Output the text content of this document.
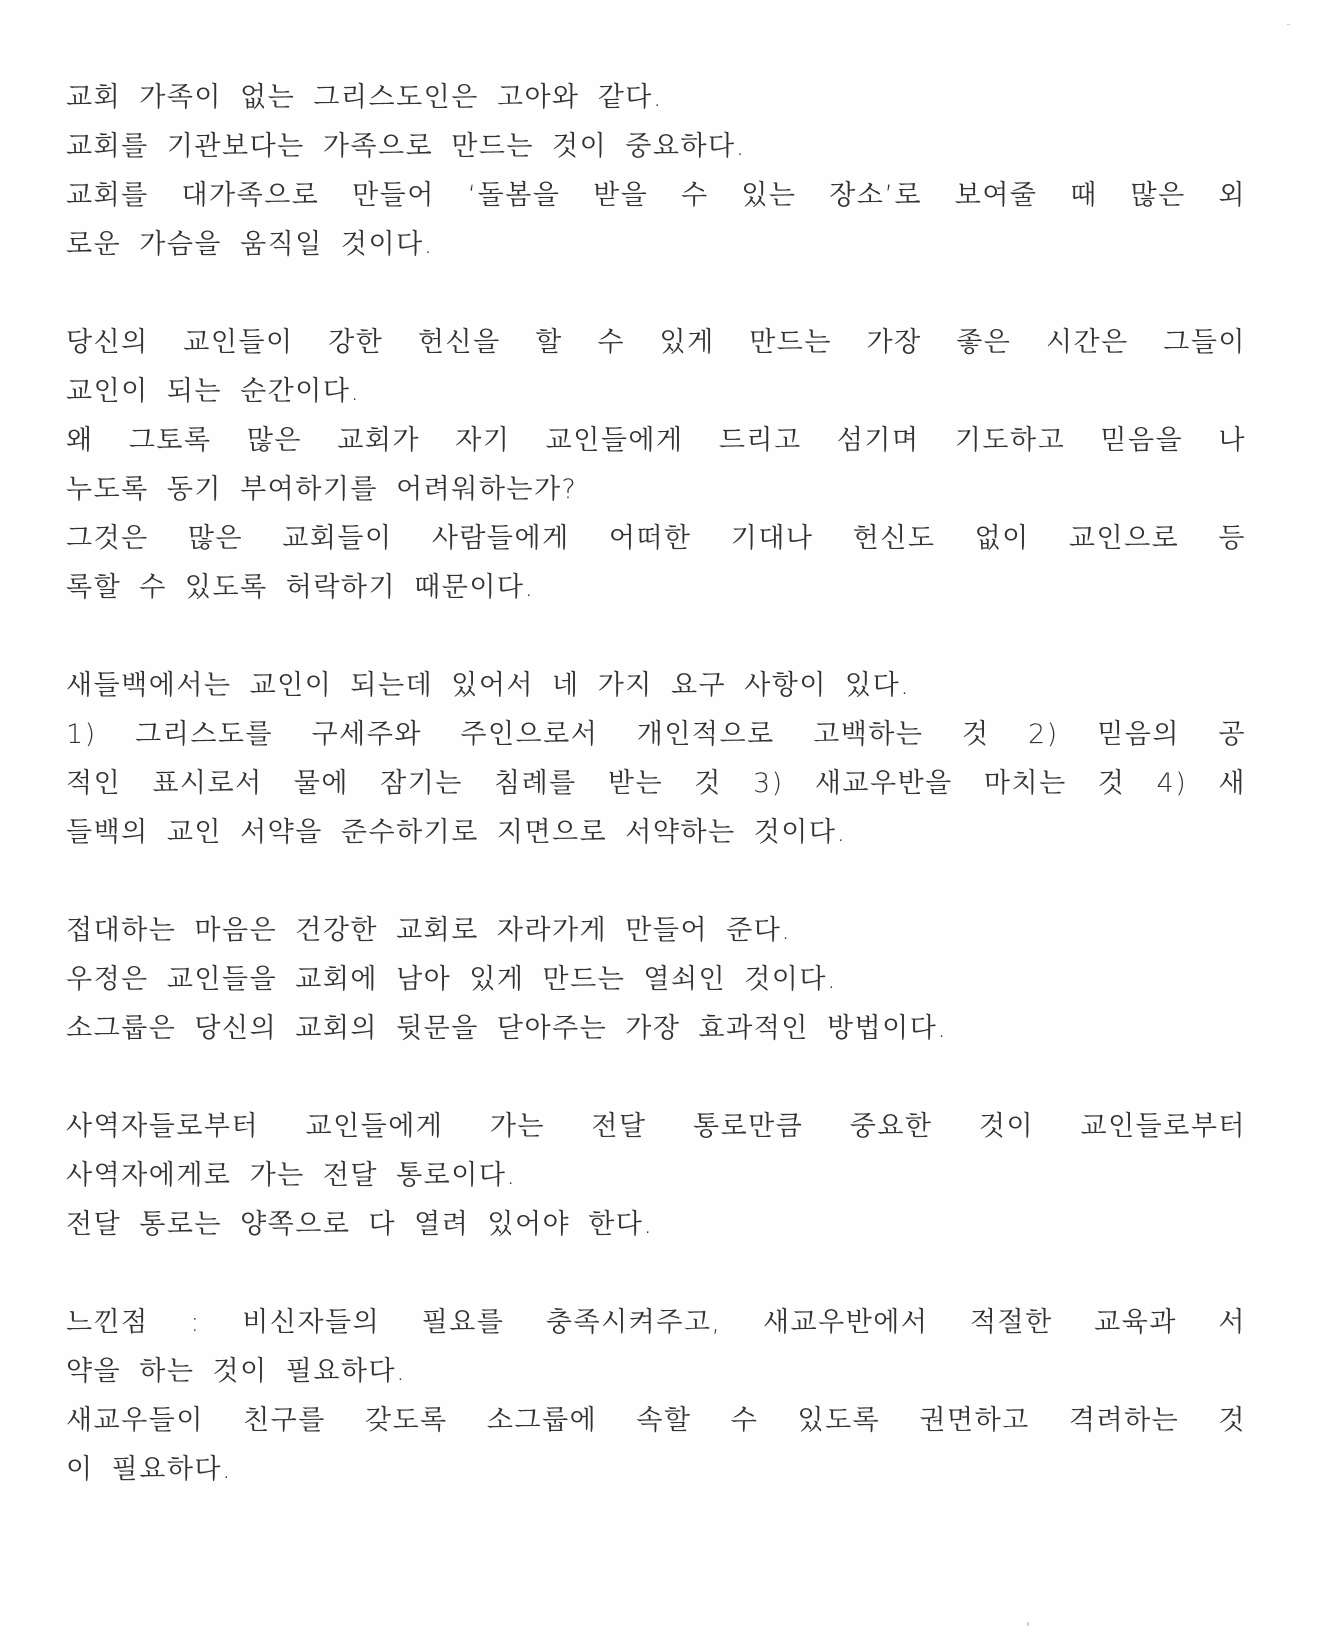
교회 가족이 없는 그리스도인은 고아와 같다.
교회를 기관보다는 가족으로 만드는 것이 중요하다.
교회를 대가족으로 만들어 ‘돌봄을 받을 수 있는 장소’로 보여줄 때 많은 외
로운 가슴을 움직일 것이다.
당신의 교인들이 강한 헌신을 할 수 있게 만드는 가장 좋은 시간은 그들이
교인이 되는 순간이다.
왜 그토록 많은 교회가 자기 교인들에게 드리고 섬기며 기도하고 믿음을 나
누도록 동기 부여하기를 어려워하는가?
그것은 많은 교회들이 사람들에게 어떠한 기대나 헌신도 없이 교인으로 등
록할 수 있도록 허락하기 때문이다.
새들백에서는 교인이 되는데 있어서 네 가지 요구 사항이 있다.
1) 그리스도를 구세주와 주인으로서 개인적으로 고백하는 것 2) 믿음의 공
적인 표시로서 물에 잠기는 침례를 받는 것 3) 새교우반을 마치는 것 4) 새
들백의 교인 서약을 준수하기로 지면으로 서약하는 것이다.
접대하는 마음은 건강한 교회로 자라가게 만들어 준다.
우정은 교인들을 교회에 남아 있게 만드는 열쇠인 것이다.
소그룹은 당신의 교회의 뒷문을 닫아주는 가장 효과적인 방법이다.
사역자들로부터 교인들에게 가는 전달 통로만큼 중요한 것이 교인들로부터
사역자에게로 가는 전달 통로이다.
전달 통로는 양쪽으로 다 열려 있어야 한다.
느낀점 : 비신자들의 필요를 충족시켜주고, 새교우반에서 적절한 교육과 서
약을 하는 것이 필요하다.
새교우들이 친구를 갖도록 소그룹에 속할 수 있도록 권면하고 격려하는 것
이 필요하다.
